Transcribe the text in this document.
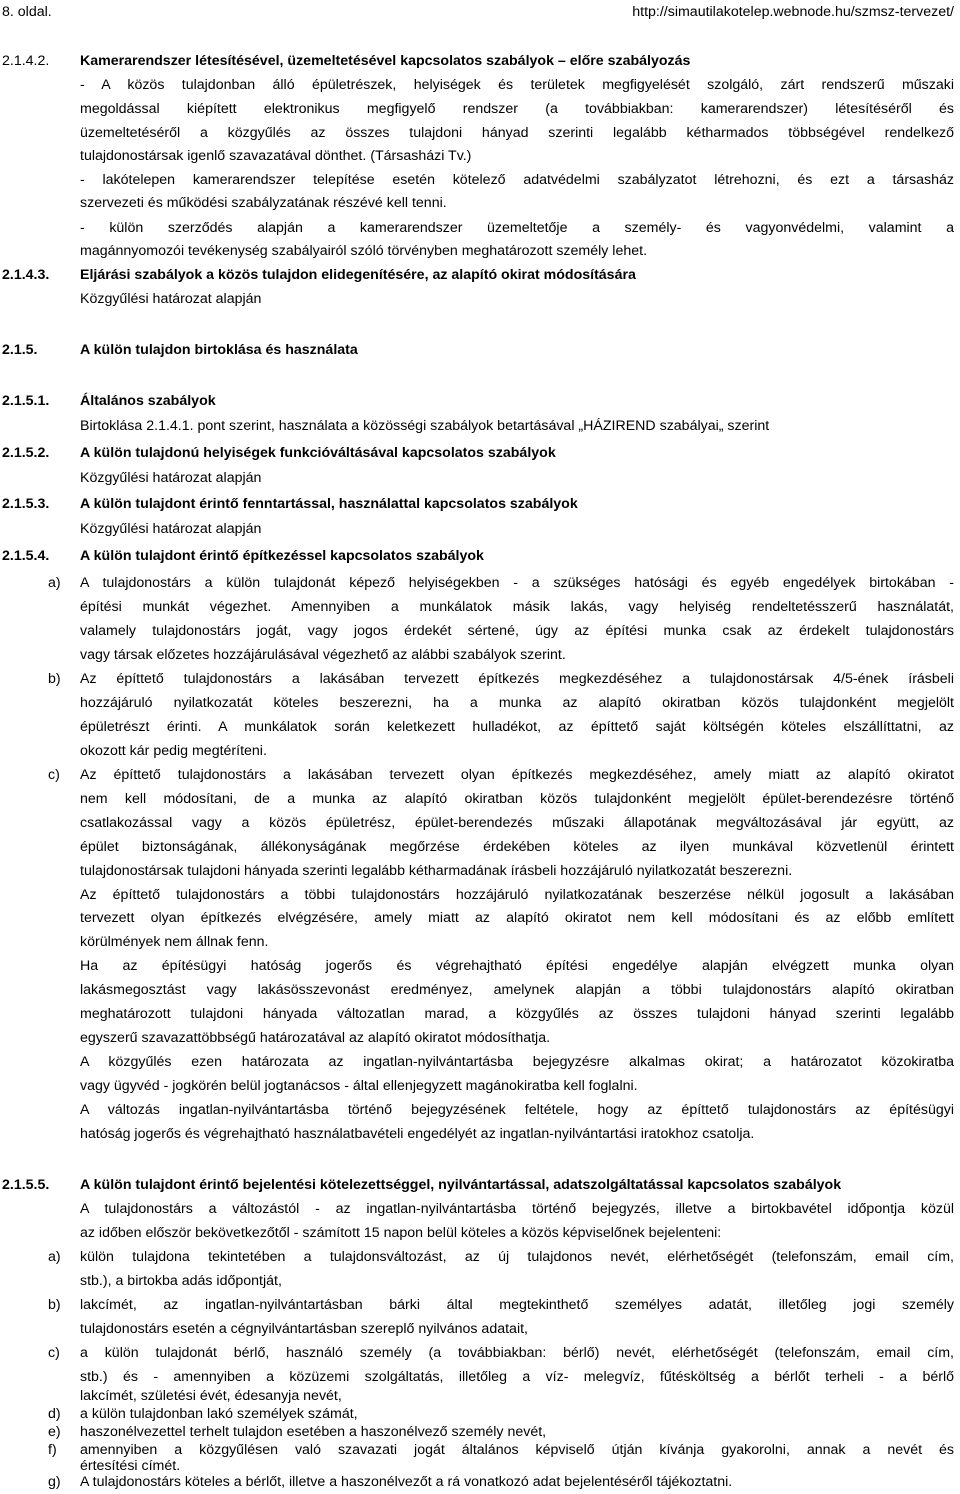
8. oldal.	http://simautilakotelep.webnode.hu/szmsz-tervezet/
2.1.4.2. Kamerarendszer létesítésével, üzemeltetésével kapcsolatos szabályok – előre szabályozás
- A közös tulajdonban álló épületrészek, helyiségek és területek megfigyelését szolgáló, zárt rendszerű műszaki
megoldással kiépített elektronikus megfigyelő rendszer (a továbbiakban: kamerarendszer) létesítéséről és
üzemeltetéséről a közgyűlés az összes tulajdoni hányad szerinti legalább kétharmados többségével rendelkező
tulajdonostársak igenlő szavazatával dönthet. (Társasházi Tv.)
- lakótelepen kamerarendszer telepítése esetén kötelező adatvédelmi szabályzatot létrehozni, és ezt a társasház
szervezeti és működési szabályzatának részévé kell tenni.
- külön szerződés alapján a kamerarendszer üzemeltetője a személy- és vagyonvédelmi, valamint a
magánnyomozói tevékenység szabályairól szóló törvényben meghatározott személy lehet.
2.1.4.3. Eljárási szabályok a közös tulajdon elidegenítésére, az alapító okirat módosítására
Közgyűlési határozat alapján
2.1.5.	A külön tulajdon birtoklása és használata
2.1.5.1. Általános szabályok
Birtoklása 2.1.4.1. pont szerint, használata a közösségi szabályok betartásával „HÁZIREND szabályai„ szerint
2.1.5.2. A külön tulajdonú helyiségek funkcióváltásával kapcsolatos szabályok
Közgyűlési határozat alapján
2.1.5.3. A külön tulajdont érintő fenntartással, használattal kapcsolatos szabályok
Közgyűlési határozat alapján
2.1.5.4. A külön tulajdont érintő építkezéssel kapcsolatos szabályok
a) A tulajdonostárs a külön tulajdonát képező helyiségekben - a szükséges hatósági és egyéb engedélyek birtokában -
építési munkát végezhet. Amennyiben a munkálatok másik lakás, vagy helyiség rendeltetésszerű használatát,
valamely tulajdonostárs jogát, vagy jogos érdekét sértené, úgy az építési munka csak az érdekelt tulajdonostárs
vagy társak előzetes hozzájárulásával végezhető az alábbi szabályok szerint.
b) Az építtető tulajdonostárs a lakásában tervezett építkezés megkezdéséhez a tulajdonostársak 4/5-ének írásbeli
hozzájáruló nyilatkozatát köteles beszerezni, ha a munka az alapító okiratban közös tulajdonként megjelölt
épületrészt érinti. A munkálatok során keletkezett hulladékot, az építtető saját költségén köteles elszállíttatni, az
okozott kár pedig megtéríteni.
c) Az építtető tulajdonostárs a lakásában tervezett olyan építkezés megkezdéséhez, amely miatt az alapító okiratot
nem kell módosítani, de a munka az alapító okiratban közös tulajdonként megjelölt épület-berendezésre történő
csatlakozással vagy a közös épületrész, épület-berendezés műszaki állapotának megváltozásával jár együtt, az
épület biztonságának, állékonyságának megőrzése érdekében köteles az ilyen munkával közvetlenül érintett
tulajdonostársak tulajdoni hányada szerinti legalább kétharmadának írásbeli hozzájáruló nyilatkozatát beszerezni.
Az építtető tulajdonostárs a többi tulajdonostárs hozzájáruló nyilatkozatának beszerzése nélkül jogosult a lakásában
tervezett olyan építkezés elvégzésére, amely miatt az alapító okiratot nem kell módosítani és az előbb említett
körülmények nem állnak fenn.
Ha az építésügyi hatóság jogerős és végrehajtható építési engedélye alapján elvégzett munka olyan
lakásmegosztást vagy lakásösszevonást eredményez, amelynek alapján a többi tulajdonostárs alapító okiratban
meghatározott tulajdoni hányada változatlan marad, a közgyűlés az összes tulajdoni hányad szerinti legalább
egyszerű szavazattöbbségű határozatával az alapító okiratot módosíthatja.
A közgyűlés ezen határozata az ingatlan-nyilvántartásba bejegyzésre alkalmas okirat; a határozatot közokiratba
vagy ügyvéd - jogkörén belül jogtanácsos - által ellenjegyzett magánokiratba kell foglalni.
A változás ingatlan-nyilvántartásba történő bejegyzésének feltétele, hogy az építtető tulajdonostárs az építésügyi
hatóság jogerős és végrehajtható használatbavételi engedélyét az ingatlan-nyilvántartási iratokhoz csatolja.
2.1.5.5. A külön tulajdont érintő bejelentési kötelezettséggel, nyilvántartással, adatszolgáltatással kapcsolatos szabályok
A tulajdonostárs a változástól - az ingatlan-nyilvántartásba történő bejegyzés, illetve a birtokbavétel időpontja közül
az időben először bekövetkezőtől - számított 15 napon belül köteles a közös képviselőnek bejelenteni:
a) külön tulajdona tekintetében a tulajdonsváltozást, az új tulajdonos nevét, elérhetőségét (telefonszám, email cím,
stb.), a birtokba adás időpontját,
b) lakcímét, az ingatlan-nyilvántartásban bárki által megtekinthető személyes adatát, illetőleg jogi személy
tulajdonostárs esetén a cégnyilvántartásban szereplő nyilvános adatait,
c) a külön tulajdonát bérlő, használó személy (a továbbiakban: bérlő) nevét, elérhetőségét (telefonszám, email cím,
stb.) és - amennyiben a közüzemi szolgáltatás, illetőleg a víz- melegvíz, fűtésköltség a bérlőt terheli - a bérlő
lakcímét, születési évét, édesanyja nevét,
d) a külön tulajdonban lakó személyek számát,
e) haszonélvezettel terhelt tulajdon esetében a haszonélvező személy nevét,
f) amennyiben a közgyűlésen való szavazati jogát általános képviselő útján kívánja gyakorolni, annak a nevét és
értesítési címét.
g) A tulajdonostárs köteles a bérlőt, illetve a haszonélvezőt a rá vonatkozó adat bejelentéséről tájékoztatni.
